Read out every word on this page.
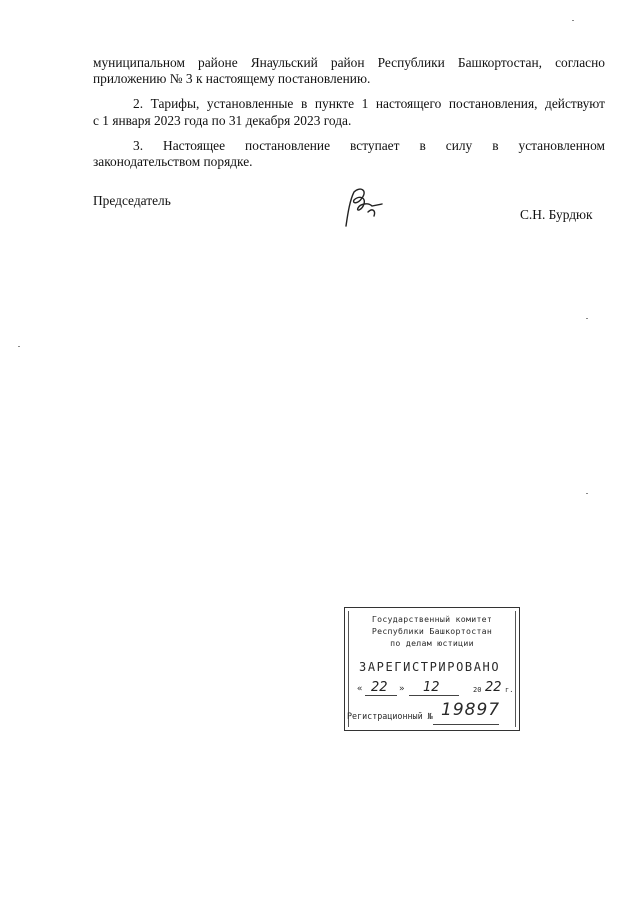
муниципальном районе Янаульский район Республики Башкортостан, согласно
приложению № 3 к настоящему постановлению.
2. Тарифы, установленные в пункте 1 настоящего постановления, действуют
с 1 января 2023 года по 31 декабря 2023 года.
3. Настоящее постановление вступает в силу в установленном
законодательством порядке.
Председатель
С.Н. Бурдюк
Государственный комитет
Республики Башкортостан
по делам юстиции
ЗАРЕГИСТРИРОВАНО
« 22 » 12	20 22 г.
Регистрационный № 19897
